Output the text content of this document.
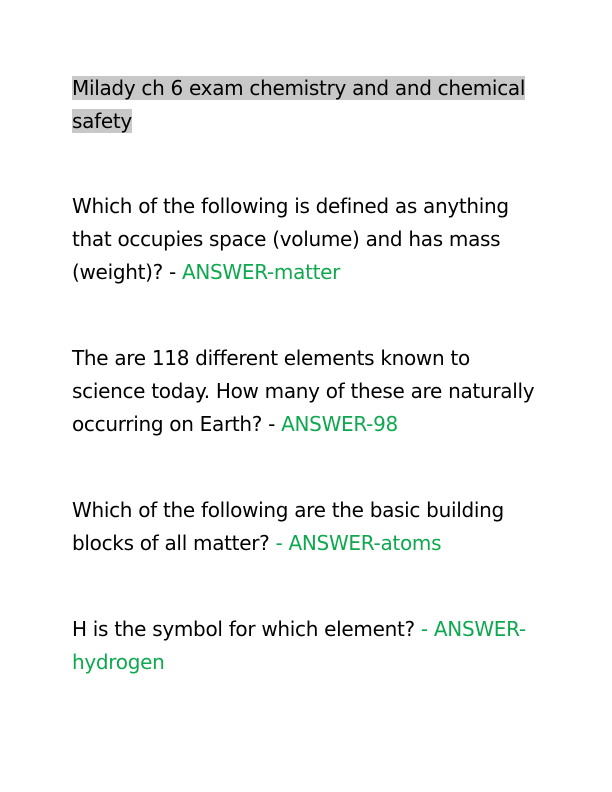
Milady ch 6 exam chemistry and and chemical safety

Which of the following is defined as anything that occupies space (volume) and has mass (weight)? - ANSWER-matter

The are 118 different elements known to science today. How many of these are naturally occurring on Earth? - ANSWER-98

Which of the following are the basic building blocks of all matter? - ANSWER-atoms

H is the symbol for which element? - ANSWER-hydrogen
